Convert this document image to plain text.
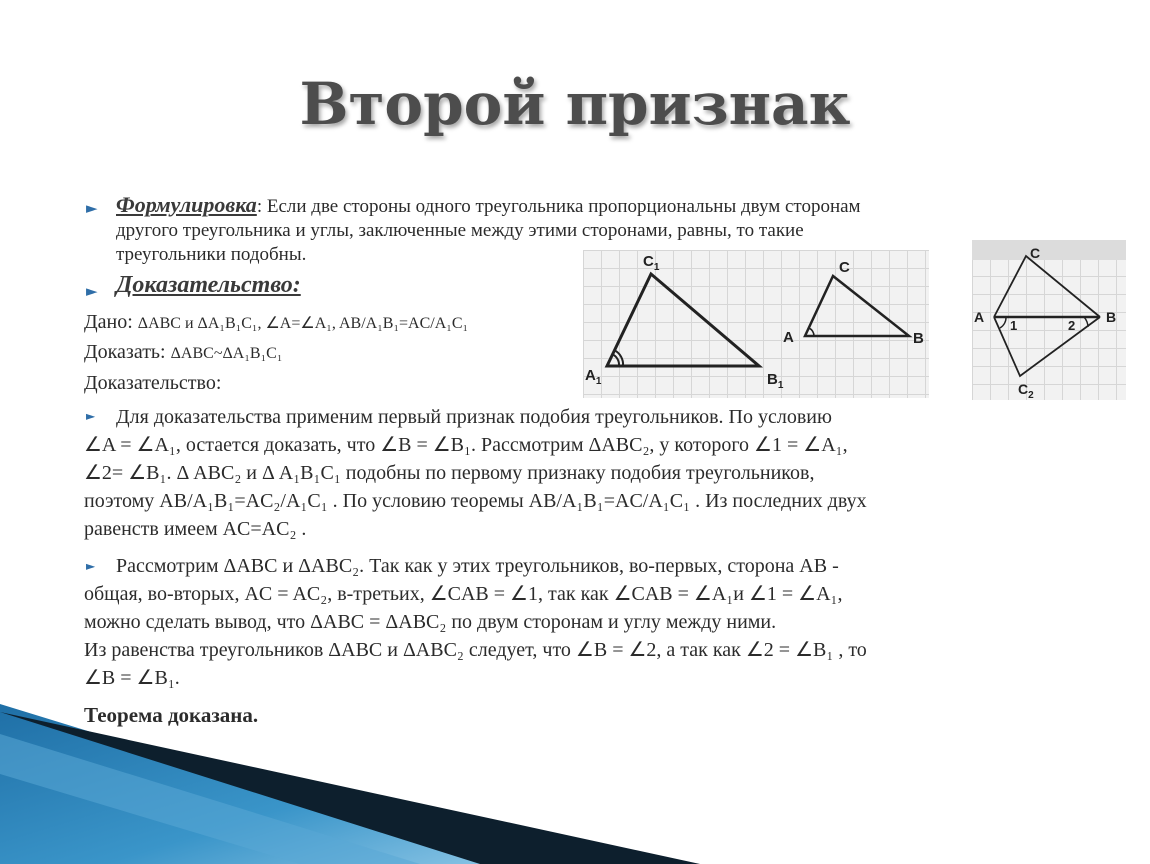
Второй признак
► Формулировка: Если две стороны одного треугольника пропорциональны двум сторонам
другого треугольника и углы, заключенные между этими сторонами, равны, то такие
треугольники подобны.
► Доказательство:
Дано: ΔABC и ΔA₁B₁C₁, ∠A=∠A₁, AB/A₁B₁=AC/A₁C₁
Доказать: ΔABC~ΔA₁B₁C₁
Доказательство:
►	Для доказательства применим первый признак подобия треугольников. По условию
∠A = ∠A₁, остается доказать, что ∠B = ∠B₁. Рассмотрим ΔABC₂, у которого ∠1 = ∠A₁,
∠2= ∠B₁. Δ ABC₂ и Δ A₁B₁C₁ подобны по первому признаку подобия треугольников,
поэтому AB/A₁B₁=AC₂/A₁C₁ . По условию теоремы AB/A₁B₁=AC/A₁C₁ . Из последних двух
равенств имеем AC=AC₂ .
►	Рассмотрим ΔABC и ΔABC₂. Так как у этих треугольников, во-первых, сторона AB -
общая, во-вторых, AC = AC₂, в-третьих, ∠CAB = ∠1, так как ∠CAB = ∠A₁и ∠1 = ∠A₁,
можно сделать вывод, что ΔABC = ΔABC₂ по двум сторонам и углу между ними.
Из равенства треугольников ΔABC и ΔABC₂ следует, что ∠B = ∠2, а так как ∠2 = ∠B₁ , то
∠B = ∠B₁.
Теорема доказана.
$C_1$
$A_1$	$B_1$
C
A	B
C
A	B
1	2
$C_2$
